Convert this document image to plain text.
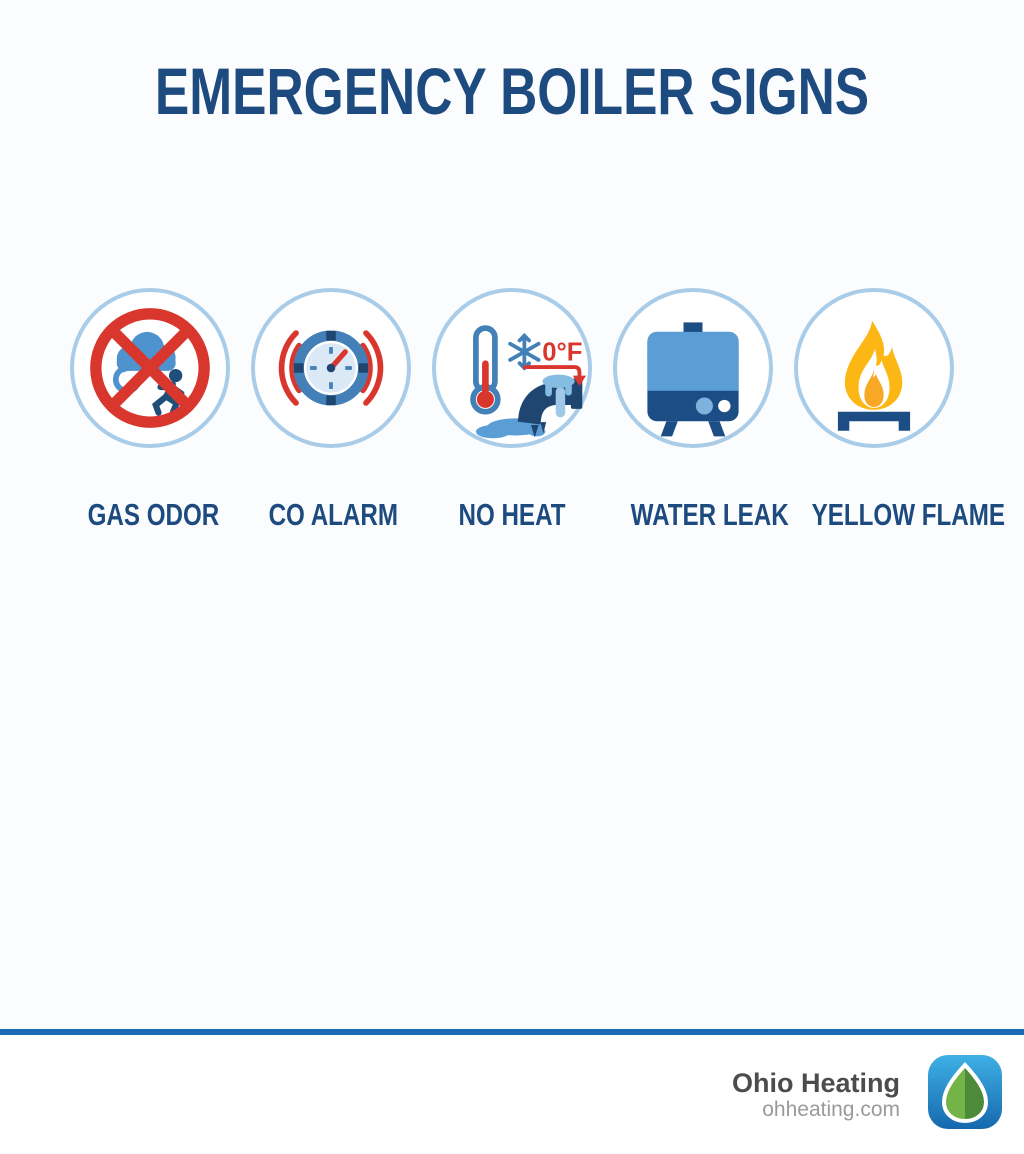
EMERGENCY BOILER SIGNS
0°F
GAS ODOR CO ALARM NO HEAT WATER LEAK YELLOW FLAME
Ohio Heating
ohheating.com
